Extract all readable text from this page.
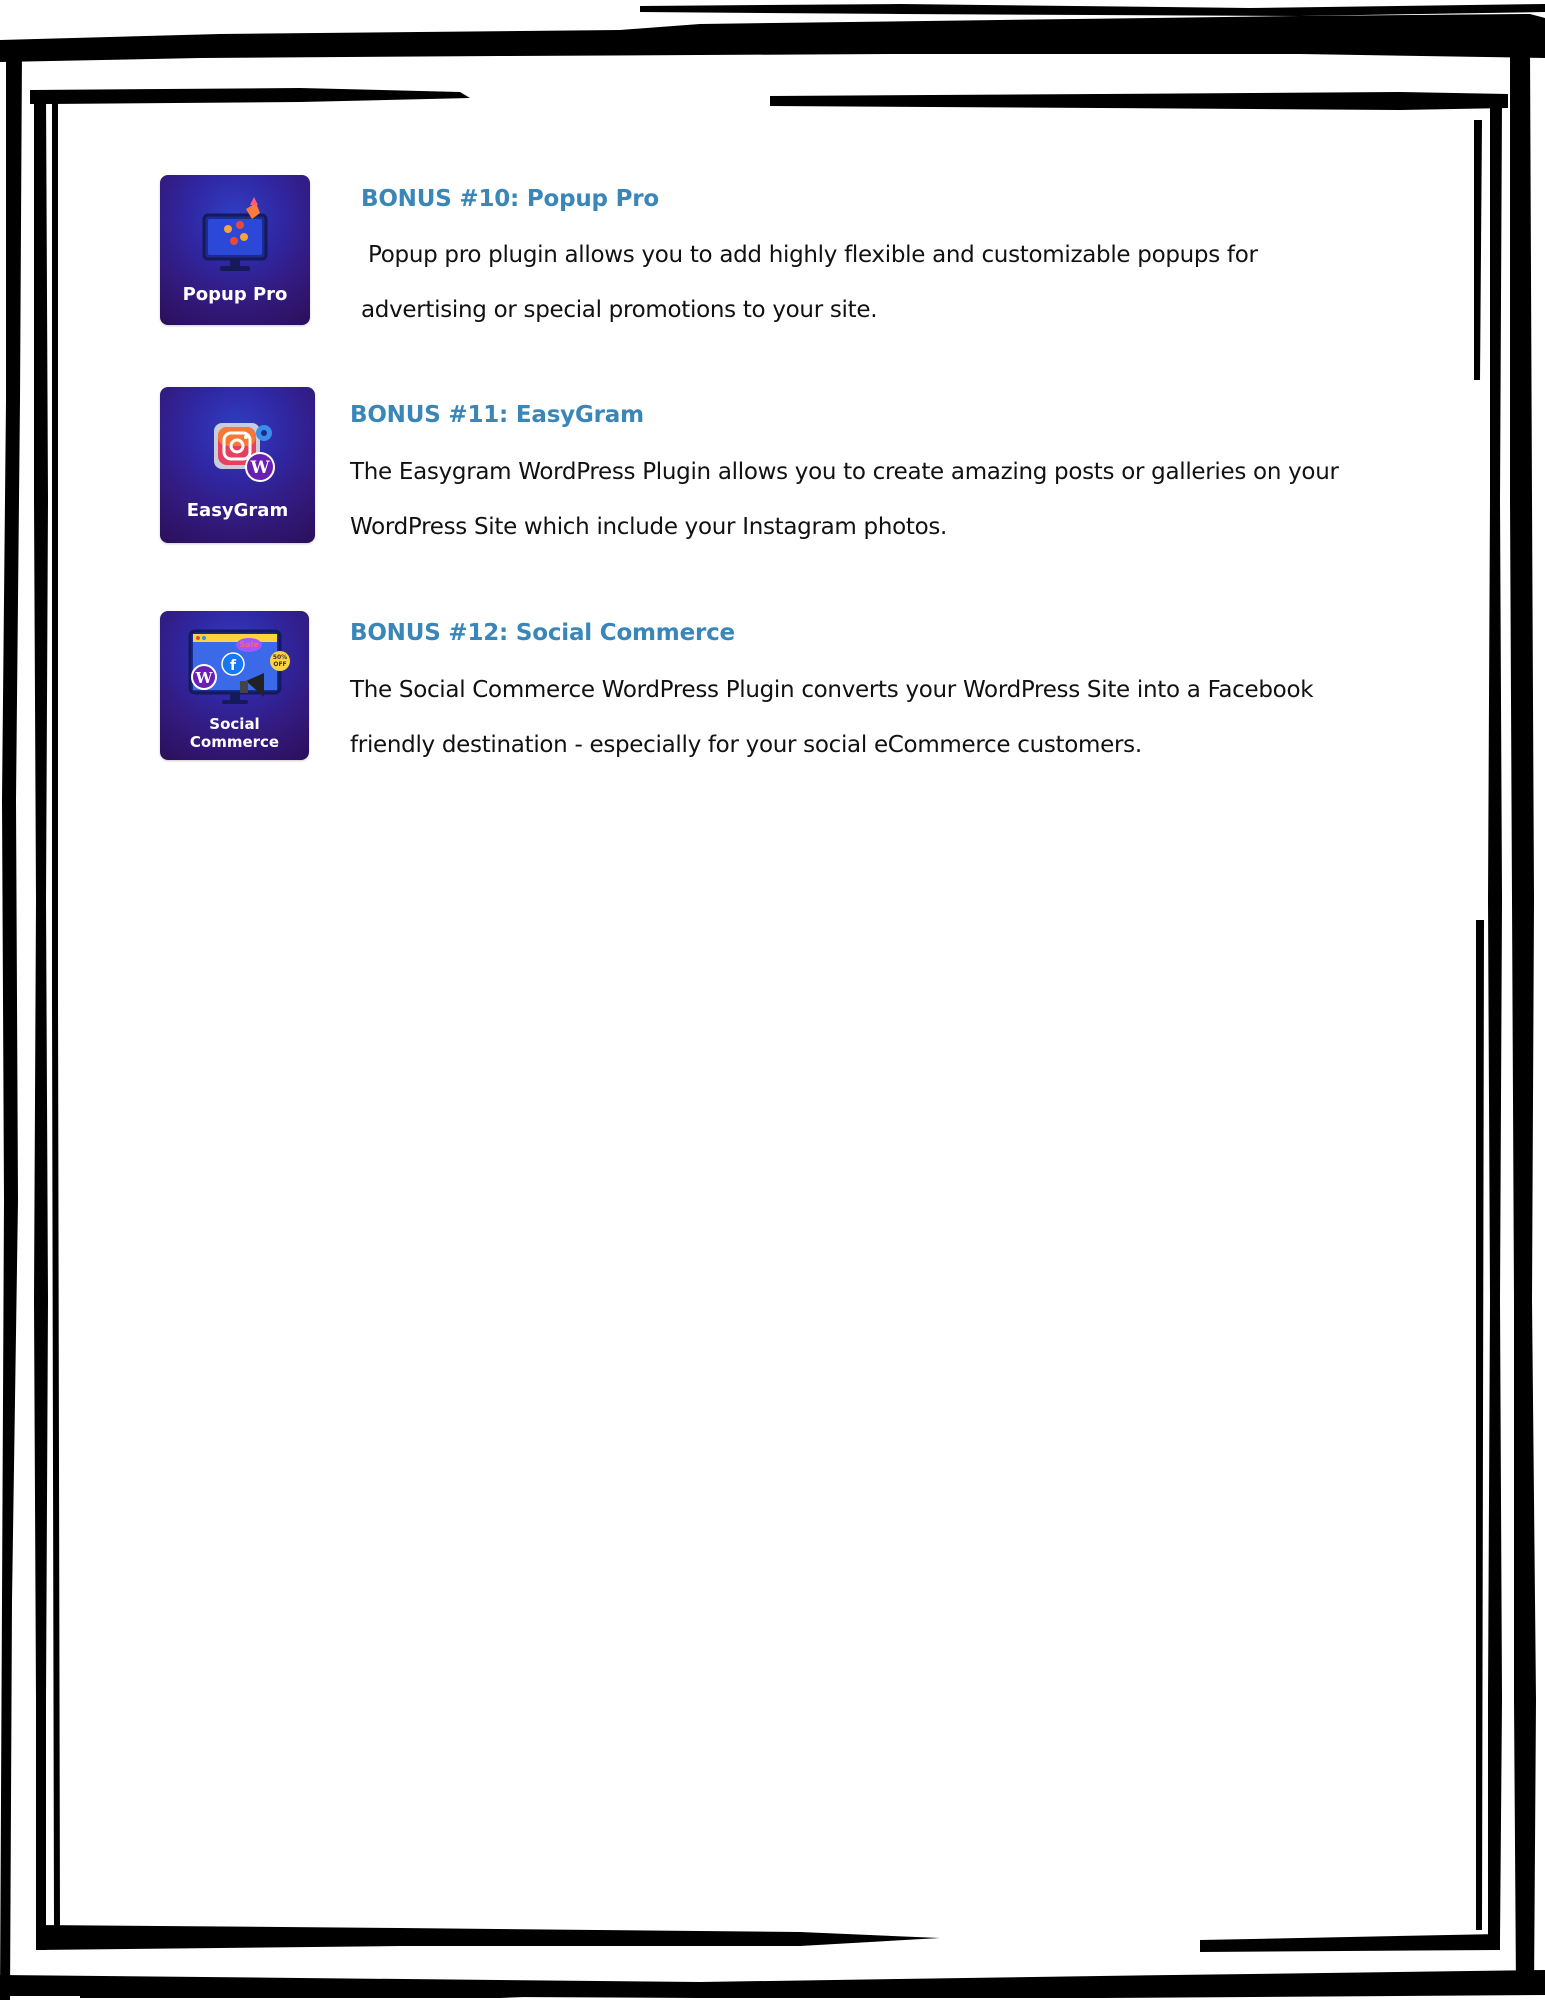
Popup Pro
BONUS #10: Popup Pro

Popup pro plugin allows you to add highly flexible and customizable popups for advertising or special promotions to your site.

W
EasyGram
BONUS #11: EasyGram

The Easygram WordPress Plugin allows you to create amazing posts or galleries on your WordPress Site which include your Instagram photos.

f
W
Sale
50%
OFF
Social
Commerce
BONUS #12: Social Commerce

The Social Commerce WordPress Plugin converts your WordPress Site into a Facebook friendly destination - especially for your social eCommerce customers.
